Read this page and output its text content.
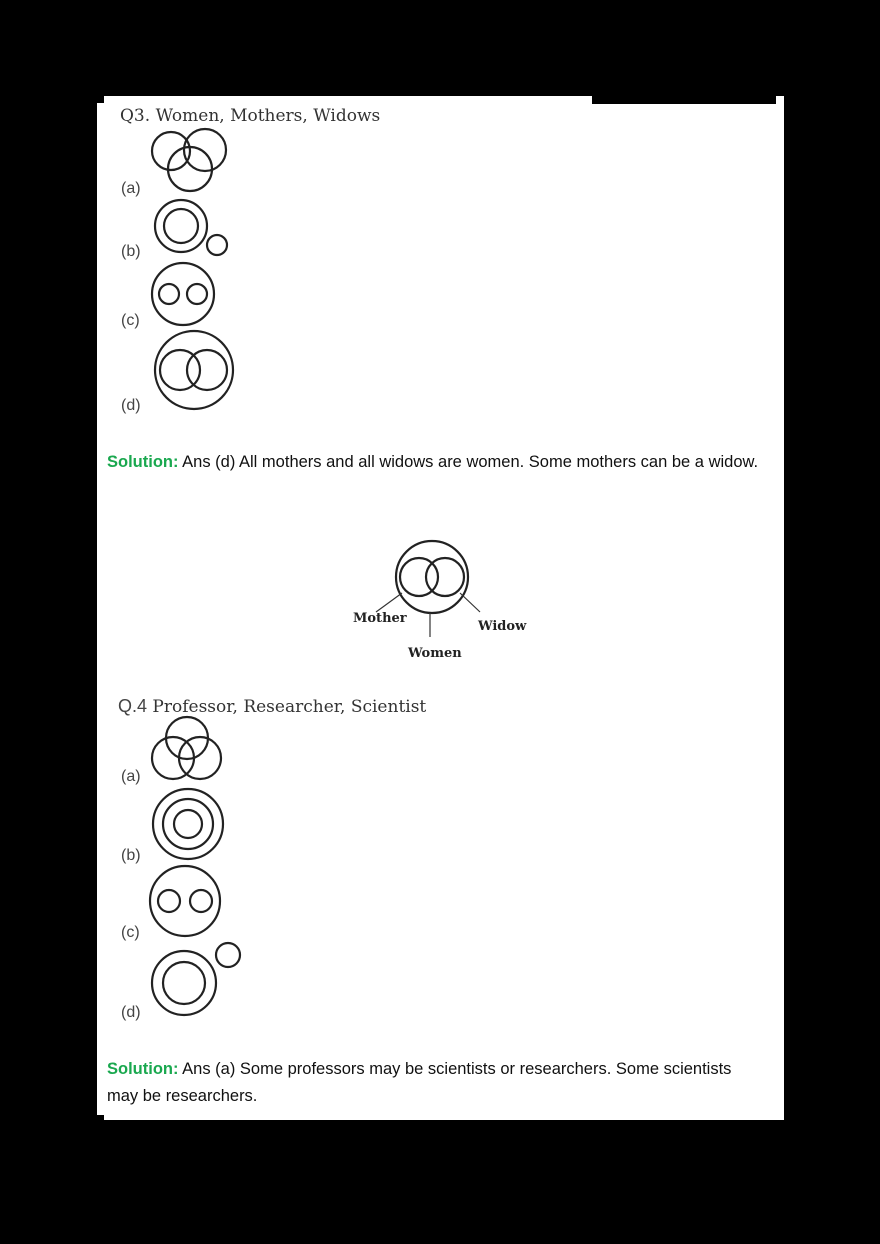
Q3. Women, Mothers, Widows
(a)
(b)
(c)
(d)
Solution: Ans (d) All mothers and all widows are women. Some mothers can be a widow.
Mother
Widow
Women
Q.4 Professor, Researcher, Scientist
(a)
(b)
(c)
(d)
Solution: Ans (a) Some professors may be scientists or researchers. Some scientists may be researchers.
